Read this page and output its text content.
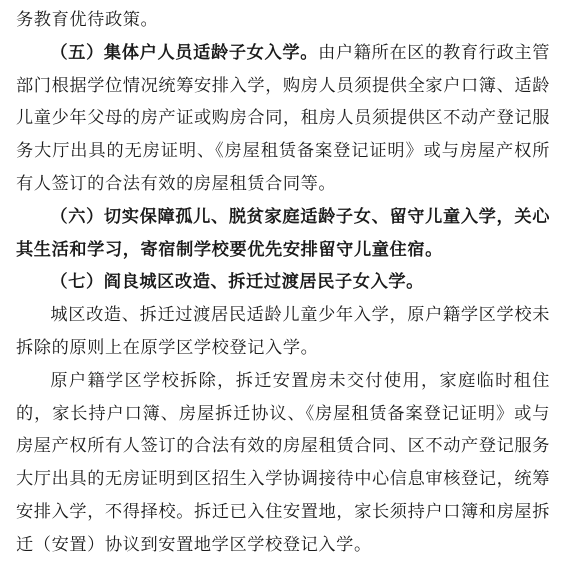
务教育优待政策。

（五）集体户人员适龄子女入学。由户籍所在区的教育行政主管部门根据学位情况统筹安排入学，购房人员须提供全家户口簿、适龄儿童少年父母的房产证或购房合同，租房人员须提供区不动产登记服务大厅出具的无房证明、《房屋租赁备案登记证明》或与房屋产权所有人签订的合法有效的房屋租赁合同等。

（六）切实保障孤儿、脱贫家庭适龄子女、留守儿童入学，关心其生活和学习，寄宿制学校要优先安排留守儿童住宿。

（七）阎良城区改造、拆迁过渡居民子女入学。

城区改造、拆迁过渡居民适龄儿童少年入学，原户籍学区学校未拆除的原则上在原学区学校登记入学。

原户籍学区学校拆除，拆迁安置房未交付使用，家庭临时租住的，家长持户口簿、房屋拆迁协议、《房屋租赁备案登记证明》或与房屋产权所有人签订的合法有效的房屋租赁合同、区不动产登记服务大厅出具的无房证明到区招生入学协调接待中心信息审核登记，统筹安排入学，不得择校。拆迁已入住安置地，家长须持户口簿和房屋拆迁（安置）协议到安置地学区学校登记入学。
